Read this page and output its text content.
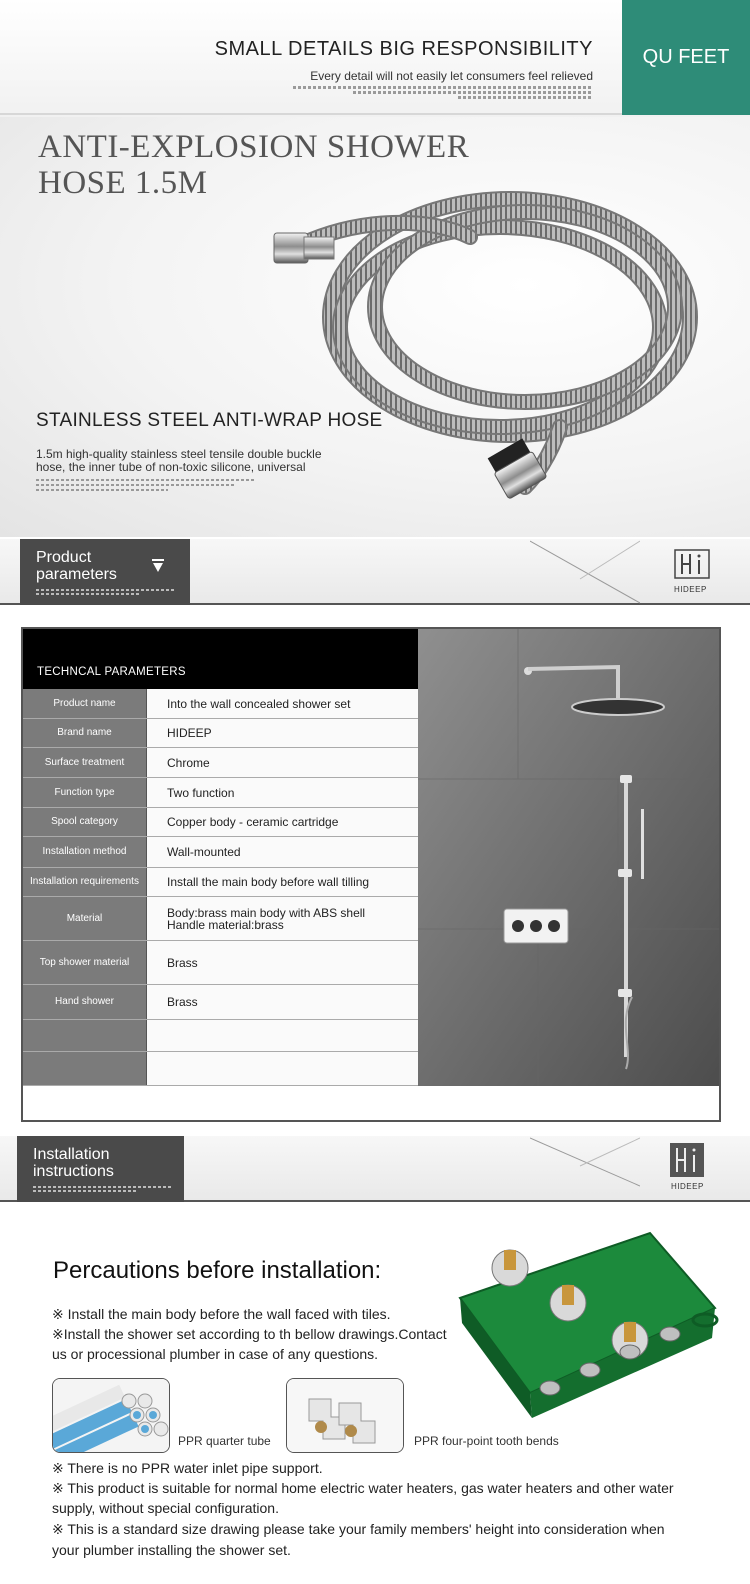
SMALL DETAILS BIG RESPONSIBILITY
Every detail will not easily let consumers feel relieved
QU FEET
ANTI-EXPLOSION SHOWER
HOSE 1.5M
STAINLESS STEEL ANTI-WRAP HOSE
1.5m high-quality stainless steel tensile double buckle
hose, the inner tube of non-toxic silicone, universal
Product
parameters
HIDEEP
TECHNCAL PARAMETERS
Product name	Into the wall concealed shower set
Brand name	HIDEEP
Surface treatment	Chrome
Function type	Two function
Spool category	Copper body - ceramic cartridge
Installation method	Wall-mounted
Installation requirements	Install the main body before wall tilling
Material	Body:brass main body with ABS shell
Handle material:brass
Top shower material	Brass
Hand shower	Brass
Installation
instructions
HIDEEP
Percautions before installation:
※ Install the main body before the wall faced with tiles.
※Install the shower set according to th bellow drawings.Contact
us or processional plumber in case of any questions.
PPR quarter tube	PPR four-point tooth bends
※ There is no PPR water inlet pipe support.
※ This product is suitable for normal home electric water heaters, gas water heaters and other water
supply, without special configuration.
※ This is a standard size drawing please take your family members' height into consideration when
your plumber installing the shower set.
